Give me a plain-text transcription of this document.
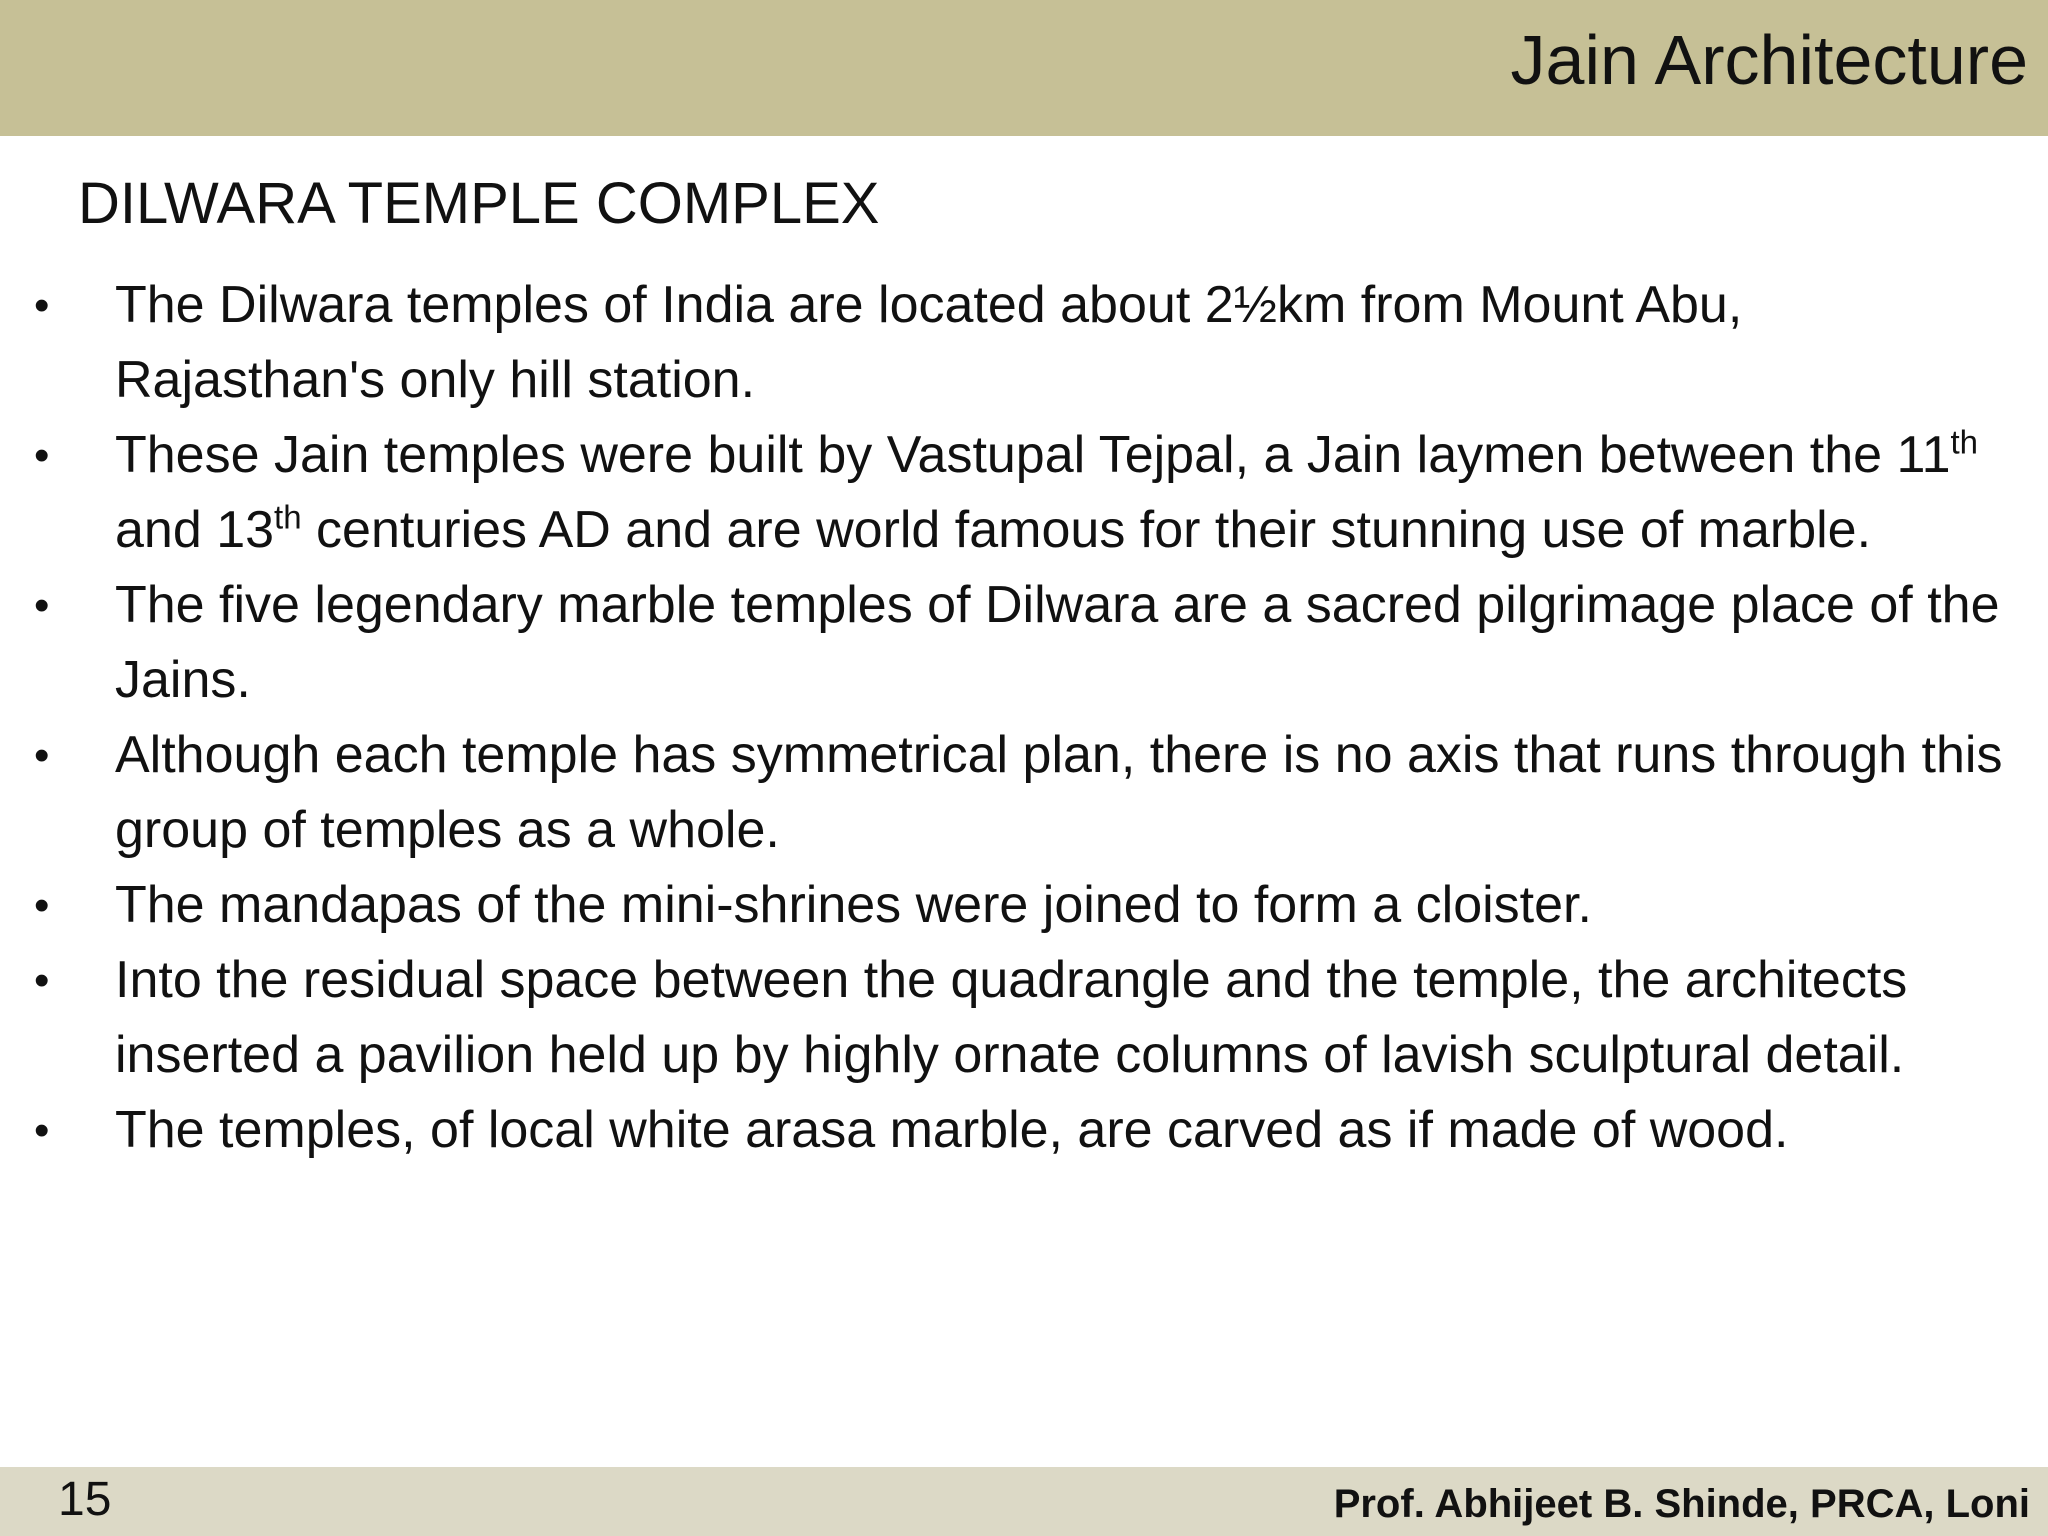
Jain Architecture
DILWARA TEMPLE COMPLEX
• The Dilwara temples of India are located about 2½km from Mount Abu, Rajasthan's only hill station.
• These Jain temples were built by Vastupal Tejpal, a Jain laymen between the 11th and 13th centuries AD and are world famous for their stunning use of marble.
• The five legendary marble temples of Dilwara are a sacred pilgrimage place of the Jains.
• Although each temple has symmetrical plan, there is no axis that runs through this group of temples as a whole.
• The mandapas of the mini-shrines were joined to form a cloister.
• Into the residual space between the quadrangle and the temple, the architects inserted a pavilion held up by highly ornate columns of lavish sculptural detail.
• The temples, of local white arasa marble, are carved as if made of wood.
15	Prof. Abhijeet B. Shinde, PRCA, Loni
